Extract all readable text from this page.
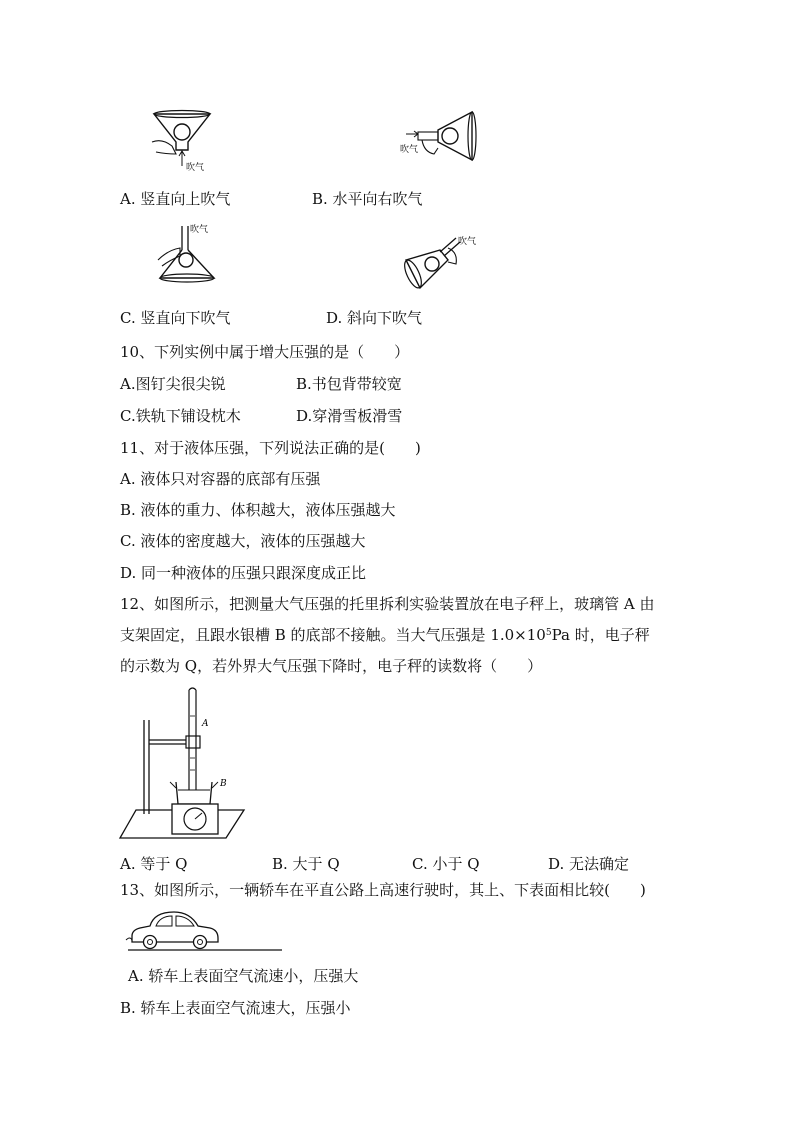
吹气
吹气
A. 竖直向上吹气	B. 水平向右吹气
吹气
吹气
C. 竖直向下吹气	D. 斜向下吹气
10、下列实例中属于增大压强的是（　　）
A.图钉尖很尖锐	B.书包背带较宽
C.铁轨下铺设枕木	D.穿滑雪板滑雪
11、对于液体压强，下列说法正确的是(　　)
A. 液体只对容器的底部有压强
B. 液体的重力、体积越大，液体压强越大
C. 液体的密度越大，液体的压强越大
D. 同一种液体的压强只跟深度成正比
12、如图所示，把测量大气压强的托里拆利实验装置放在电子秤上，玻璃管 A 由
支架固定，且跟水银槽 B 的底部不接触。当大气压强是 $1.0\times 10^5Pa$ 时，电子秤
的示数为 Q，若外界大气压强下降时，电子秤的读数将（　　）
A
B
A. 等于 Q	B. 大于 Q	C. 小于 Q	D. 无法确定
13、如图所示，一辆轿车在平直公路上高速行驶时，其上、下表面相比较(　　)
A. 轿车上表面空气流速小，压强大
B. 轿车上表面空气流速大，压强小
